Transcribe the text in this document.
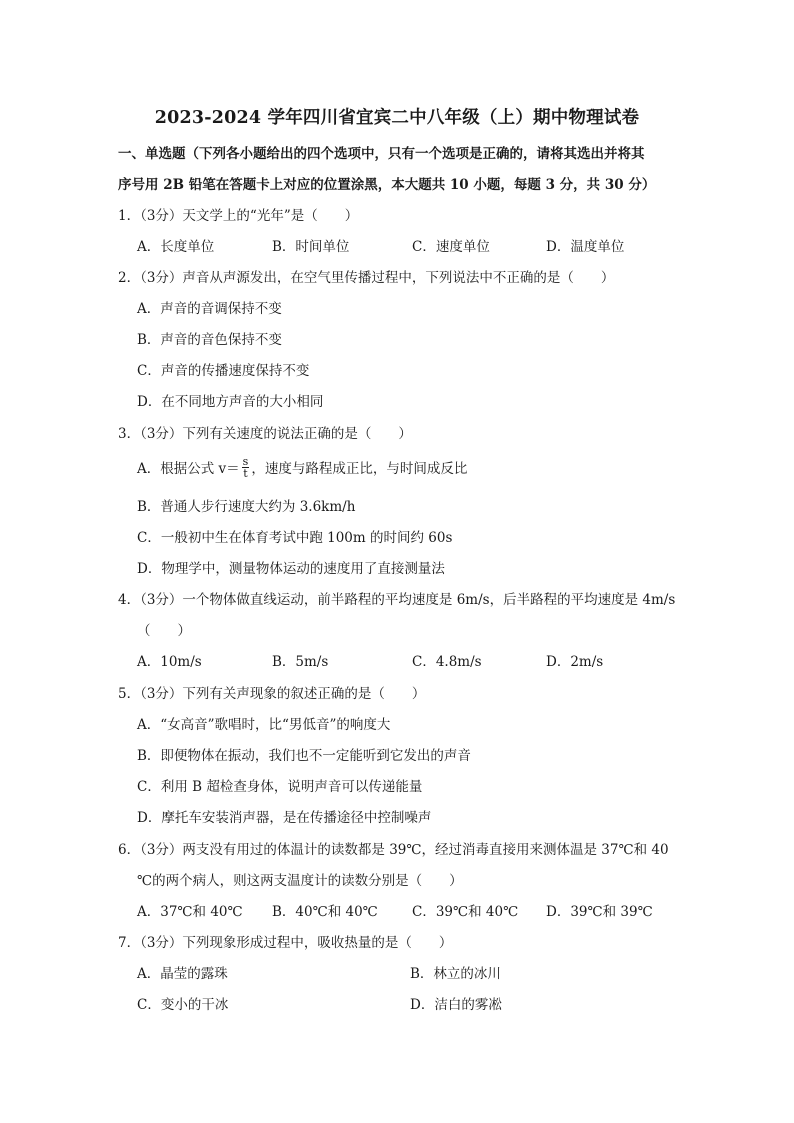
2023-2024 学年四川省宜宾二中八年级（上）期中物理试卷
一、单选题（下列各小题给出的四个选项中，只有一个选项是正确的，请将其选出并将其
序号用 2B 铅笔在答题卡上对应的位置涂黑，本大题共 10 小题，每题 3 分，共 30 分）
1．（3分）天文学上的“光年”是（　　）
A．长度单位	B．时间单位	C．速度单位	D．温度单位
2．（3分）声音从声源发出，在空气里传播过程中，下列说法中不正确的是（　　）
A．声音的音调保持不变
B．声音的音色保持不变
C．声音的传播速度保持不变
D．在不同地方声音的大小相同
3．（3分）下列有关速度的说法正确的是（　　）
A．根据公式 $v= \frac{s}{t}$ ，速度与路程成正比，与时间成反比
B．普通人步行速度大约为 3.6km/h
C．一般初中生在体育考试中跑 100m 的时间约 60s
D．物理学中，测量物体运动的速度用了直接测量法
4．（3分）一个物体做直线运动，前半路程的平均速度是 6m/s，后半路程的平均速度是 4m/s
（　　）
A．10m/s	B．5m/s	C．4.8m/s	D．2m/s
5．（3分）下列有关声现象的叙述正确的是（　　）
A．“女高音”歌唱时，比“男低音”的响度大
B．即便物体在振动，我们也不一定能听到它发出的声音
C．利用 B 超检查身体，说明声音可以传递能量
D．摩托车安装消声器，是在传播途径中控制噪声
6．（3分）两支没有用过的体温计的读数都是 39℃，经过消毒直接用来测体温是 37℃和 40
℃的两个病人，则这两支温度计的读数分别是（　　）
A．37℃和 40℃ B．40℃和 40℃	C．39℃和 40℃ D．39℃和 39℃
7．（3分）下列现象形成过程中，吸收热量的是（　　）
A．晶莹的露珠	B．林立的冰川
C．变小的干冰	D．洁白的雾凇
